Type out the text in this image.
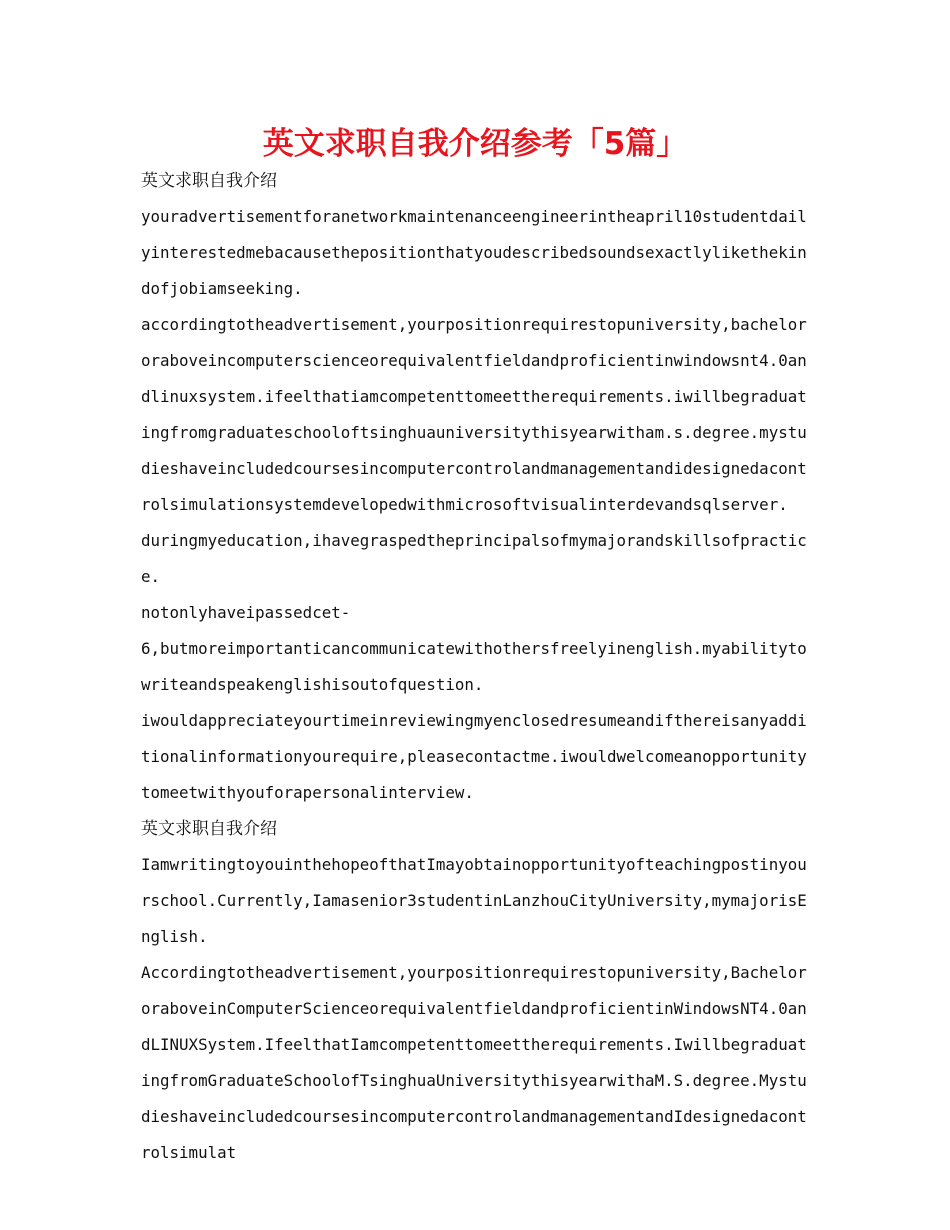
英文求职自我介绍参考「5篇」

英文求职自我介绍

youradvertisementforanetworkmaintenanceengineerintheapril10studentdailyinterestedmebacausethepositionthatyoudescribedsoundsexactlylikethekindofjobiamseeking.

accordingtotheadvertisement,yourpositionrequirestopuniversity,bachelororaboveincomputerscienceorequivalentfieldandproficientinwindowsnt4.0andlinuxsystem.ifeelthatiamcompetenttomeettherequirements.iwillbegraduatingfromgraduateschooloftsinghuauniversitythisyearwitham.s.degree.mystudieshaveincludedcoursesincomputercontrolandmanagementandidesignedacontrolsimulationsystemdevelopedwithmicrosoftvisualinterdevandsqlserver.

duringmyeducation,ihavegraspedtheprincipalsofmymajorandskillsofpractice.

notonlyhaveipassedcet-

6,butmoreimportanticancommunicatewithothersfreelyinenglish.myabilitytowriteandspeakenglishisoutofquestion.

iwouldappreciateyourtimeinreviewingmyenclosedresumeandifthereisanyadditionalinformationyourequire,pleasecontactme.iwouldwelcomeanopportunitytomeetwithyouforapersonalinterview.

英文求职自我介绍

IamwritingtoyouinthehopeofthatImayobtainopportunityofteachingpostinyourschool.Currently,Iamasenior3studentinLanzhouCityUniversity,mymajorisEnglish.

Accordingtotheadvertisement,yourpositionrequirestopuniversity,BachelororaboveinComputerScienceorequivalentfieldandproficientinWindowsNT4.0andLINUXSystem.IfeelthatIamcompetenttomeettherequirements.IwillbegraduatingfromGraduateSchoolofTsinghuaUniversitythisyearwithaM.S.degree.MystudieshaveincludedcoursesincomputercontrolandmanagementandIdesignedacontrolsimulat
